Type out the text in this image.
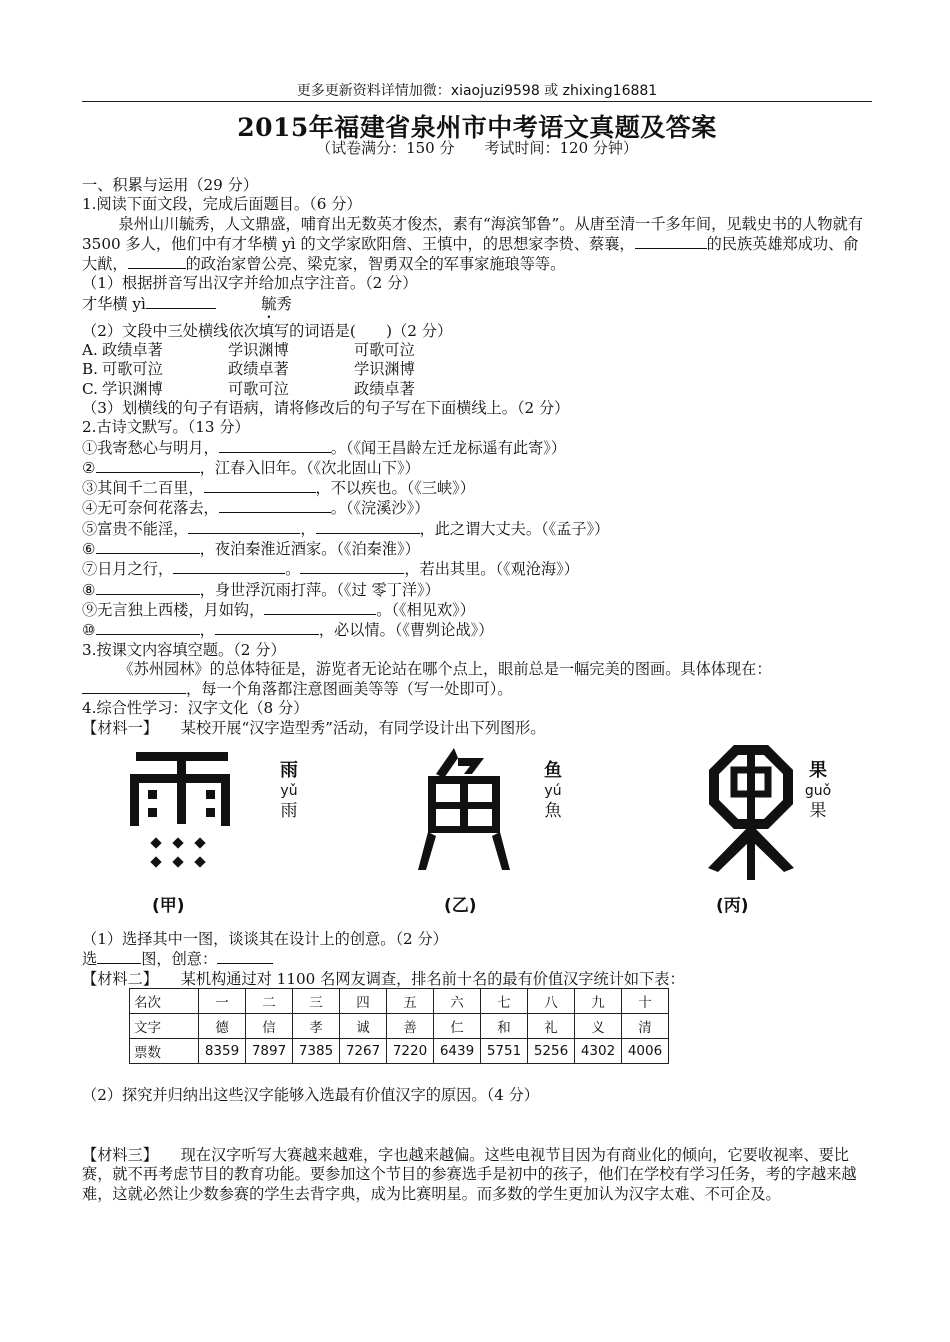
更多更新资料详情加微：xiaojuzi9598 或 zhixing16881
2015年福建省泉州市中考语文真题及答案
（试卷满分：150 分　　考试时间：120 分钟）
一、积累与运用（29 分）
1.阅读下面文段，完成后面题目。（6 分）
泉州山川毓秀，人文鼎盛，哺育出无数英才俊杰，素有“海滨邹鲁”。从唐至清一千多年间，见载史书的人物就有 3500 多人，他们中有才华横 yì 的文学家欧阳詹、王慎中，的思想家李贽、蔡襄，	的民族英雄郑成功、俞大猷，	的政治家曾公亮、梁克家，智勇双全的军事家施琅等等。
（1）根据拼音写出汉字并给加点字注音。（2 分）
才华横 yì　　　	毓秀
（2）文段中三处横线依次填写的词语是(　　)（2 分）
A. 政绩卓著	学识渊博	可歌可泣
B. 可歌可泣	政绩卓著	学识渊博
C. 学识渊博	可歌可泣	政绩卓著
（3）划横线的句子有语病，请将修改后的句子写在下面横线上。（2 分）
2.古诗文默写。（13 分）
①我寄愁心与明月，	。（《闻王昌龄左迁龙标遥有此寄》）
②	，江春入旧年。（《次北固山下》）
③其间千二百里，	，不以疾也。（《三峡》）
④无可奈何花落去，	。（《浣溪沙》）
⑤富贵不能淫，	，	，此之谓大丈夫。（《孟子》）
⑥	，夜泊秦淮近酒家。（《泊秦淮》）
⑦日月之行，	。	，若出其里。（《观沧海》）
⑧	，身世浮沉雨打萍。（《过 零丁洋》）
⑨无言独上西楼，月如钩，	。（《相见欢》）
⑩	，	，必以情。（《曹刿论战》）
3.按课文内容填空题。（2 分）
《苏州园林》的总体特征是，游览者无论站在哪个点上，眼前总是一幅完美的图画。具体体现在：，每一个角落都注意图画美等等（写一处即可）。
4.综合性学习：汉字文化（8 分）
【材料一】　　 某校开展“汉字造型秀”活动，有同学设计出下列图形。
雨
yǔ
雨
(甲)
鱼
yú
魚
(乙)
果
guǒ
果
(丙)
（1）选择其中一图，谈谈其在设计上的创意。（2 分）
选	图，创意：
【材料二】　　 某机构通过对 1100 名网友调查，排名前十名的最有价值汉字统计如下表：
名次	一	二	三	四	五	六	七	八	九	十
文字	德	信	孝	诚	善	仁	和	礼	义	清
票数	8359	7897	7385	7267	7220	6439	5751	5256	4302	4006
（2）探究并归纳出这些汉字能够入选最有价值汉字的原因。（4 分）
【材料三】　　 现在汉字听写大赛越来越难，字也越来越偏。这些电视节目因为有商业化的倾向，它要收视率、要比赛，就不再考虑节目的教育功能。要参加这个节目的参赛选手是初中的孩子，他们在学校有学习任务，考的字越来越难，这就必然让少数参赛的学生去背字典，成为比赛明星。而多数的学生更加认为汉字太难、不可企及。
